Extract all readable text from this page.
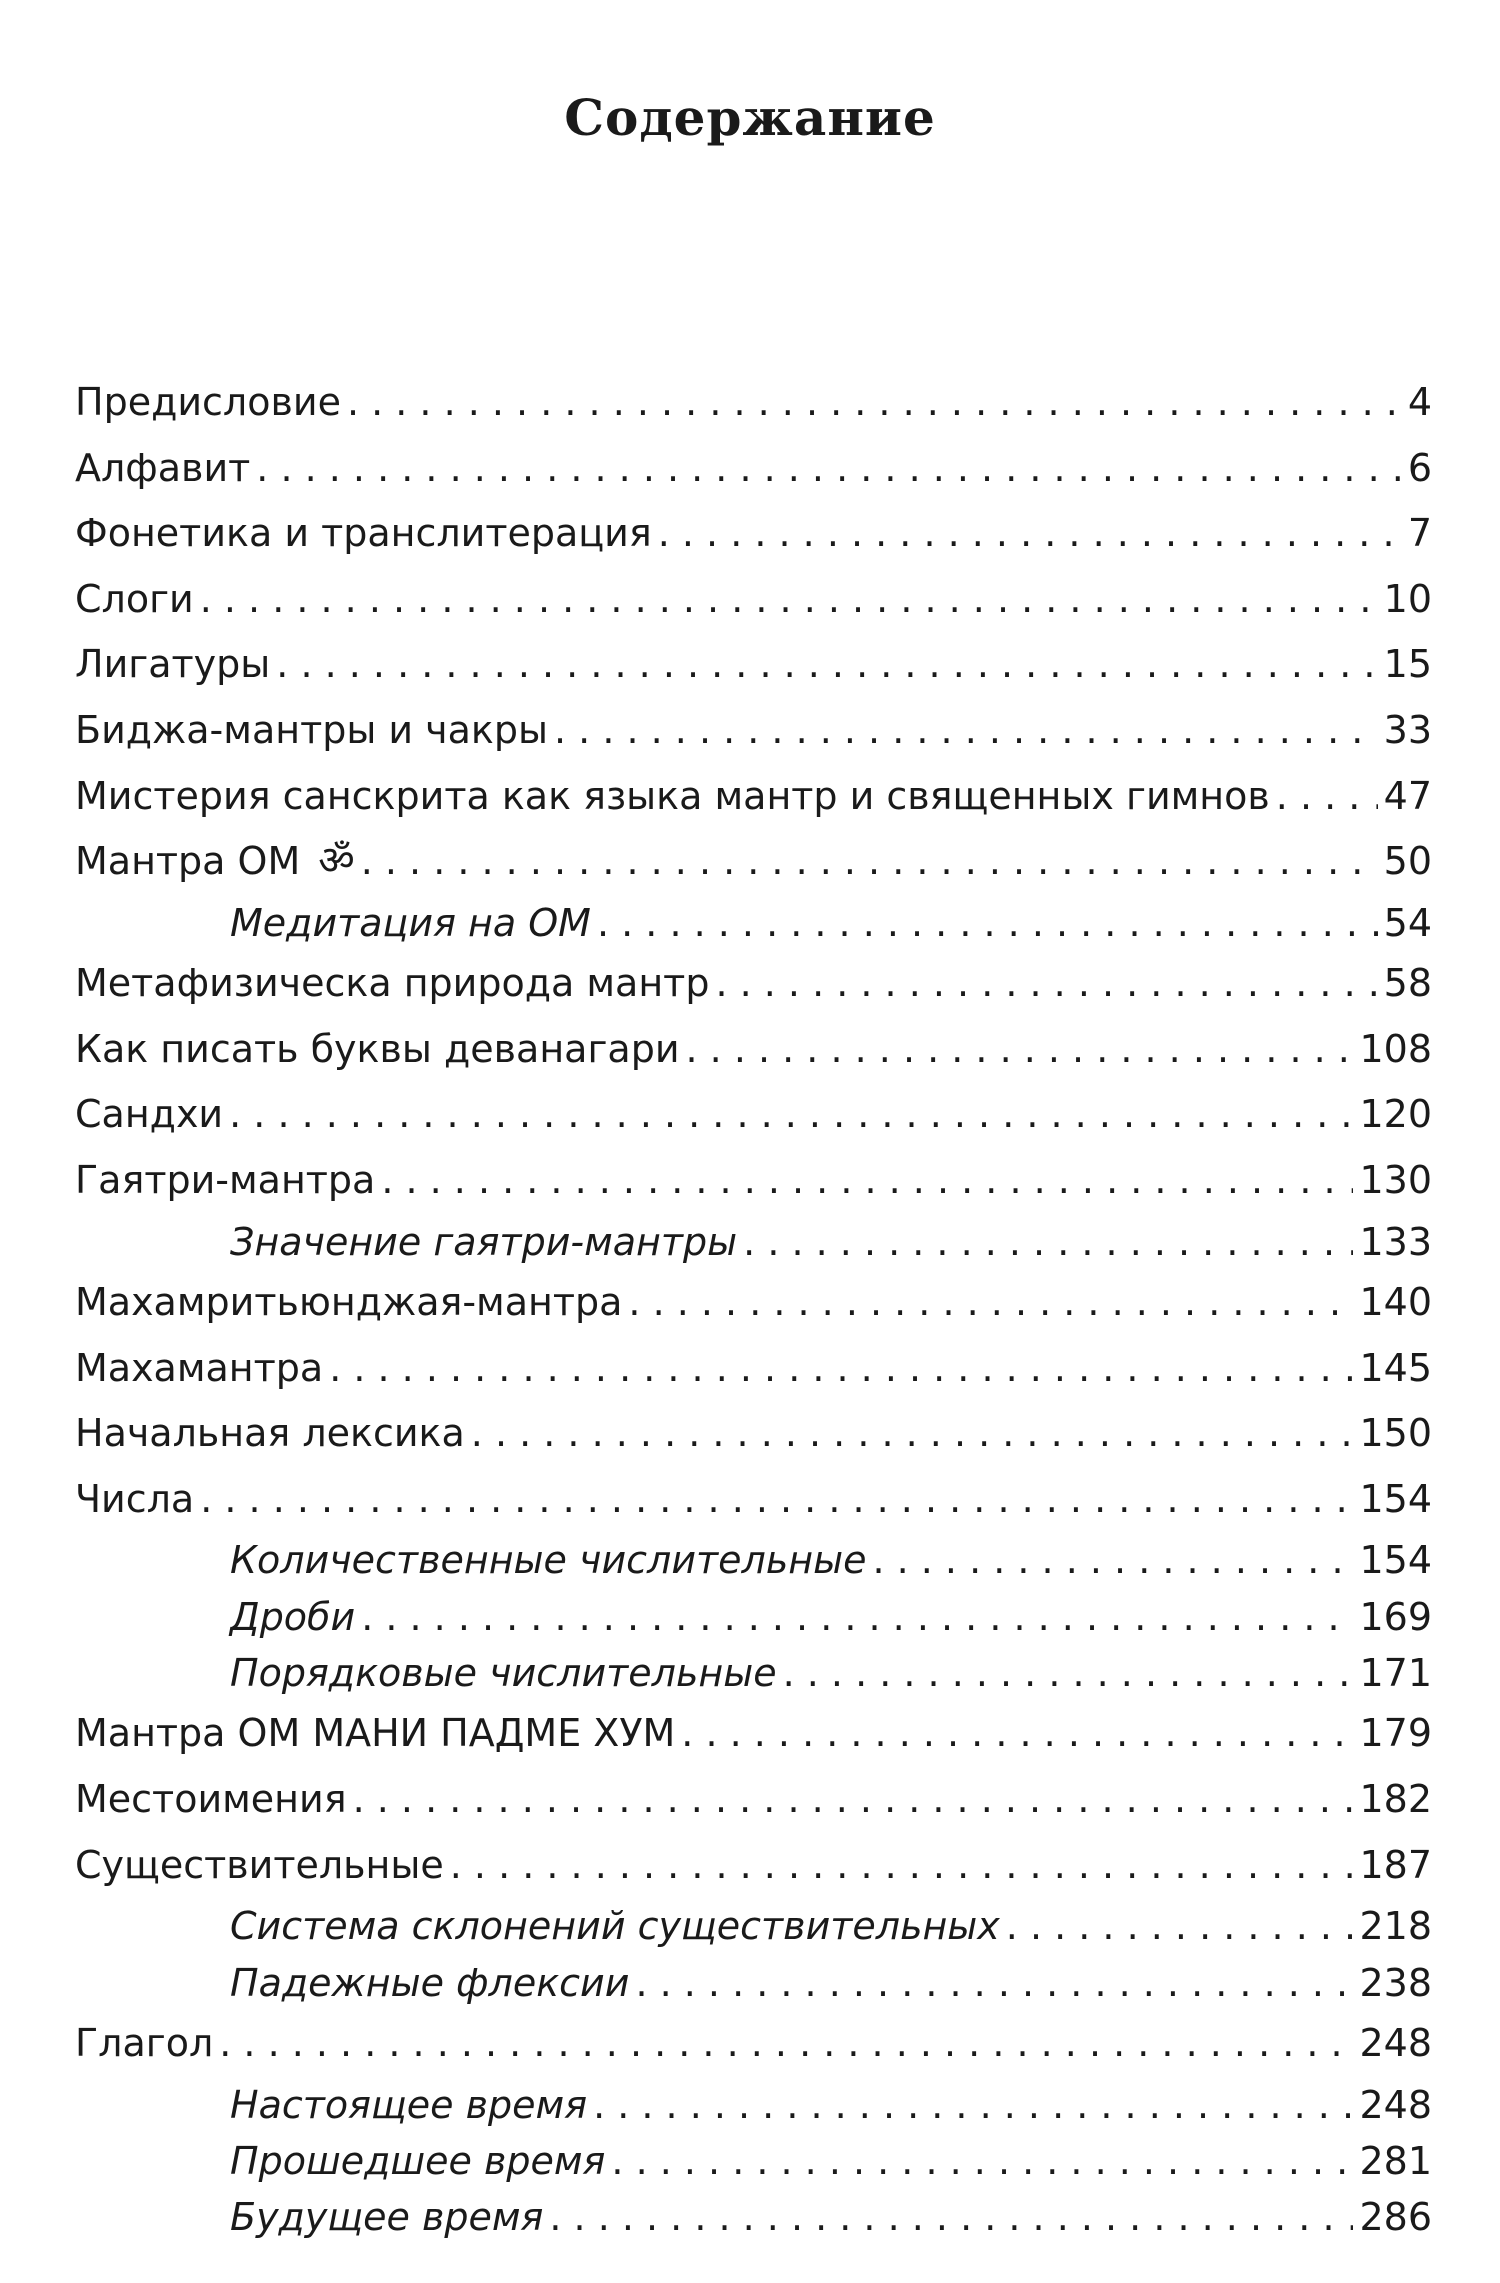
Содержание
Предисловие . . .	4
Алфавит . . .	6
Фонетика и транслитерация . . .	7
Слоги . . .	10
Лигатуры . . .	15
Биджа-мантры и чакры . . .	33
Мистерия санскрита как языка мантр и священных гимнов . . .	47
Мантра ОМ ॐ . . .	50
Медитация на ОМ . . .	54
Метафизическа природа мантр . . .	58
Как писать буквы деванагари . . .	108
Сандхи . . .	120
Гаятри-мантра . . .	130
Значение гаятри-мантры . . .	133
Махамритьюнджая-мантра . . .	140
Махамантра . . .	145
Начальная лексика . . .	150
Числа . . .	154
Количественные числительные . . .	154
Дроби . . .	169
Порядковые числительные . . .	171
Мантра ОМ МАНИ ПАДМЕ ХУМ . . .	179
Местоимения . . .	182
Существительные . . .	187
Система склонений существительных . . .	218
Падежные флексии . . .	238
Глагол . . .	248
Настоящее время . . .	248
Прошедшее время . . .	281
Будущее время . . .	286
